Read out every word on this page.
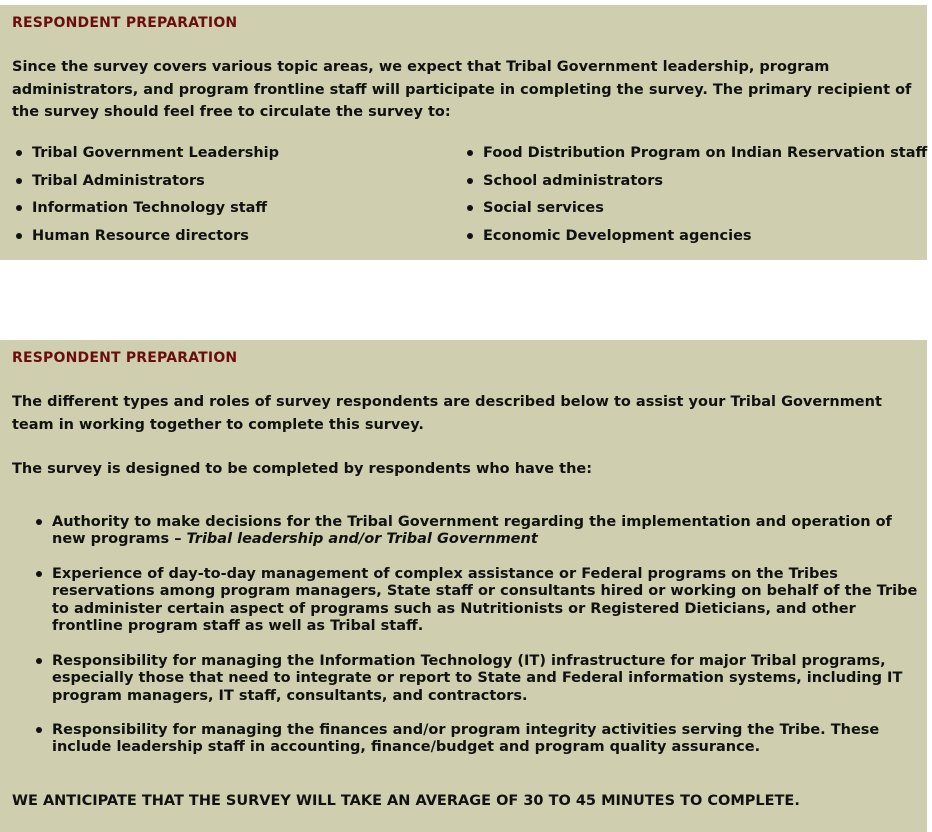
RESPONDENT PREPARATION
Since the survey covers various topic areas, we expect that Tribal Government leadership, program administrators, and program frontline staff will participate in completing the survey. The primary recipient of the survey should feel free to circulate the survey to:
Tribal Government Leadership
Tribal Administrators
Information Technology staff
Human Resource directors
Food Distribution Program on Indian Reservation staff
School administrators
Social services
Economic Development agencies
RESPONDENT PREPARATION
The different types and roles of survey respondents are described below to assist your Tribal Government team in working together to complete this survey.
The survey is designed to be completed by respondents who have the:
Authority to make decisions for the Tribal Government regarding the implementation and operation of new programs – Tribal leadership and/or Tribal Government
Experience of day-to-day management of complex assistance or Federal programs on the Tribes reservations among program managers, State staff or consultants hired or working on behalf of the Tribe to administer certain aspect of programs such as Nutritionists or Registered Dieticians, and other frontline program staff as well as Tribal staff.
Responsibility for managing the Information Technology (IT) infrastructure for major Tribal programs, especially those that need to integrate or report to State and Federal information systems, including IT program managers, IT staff, consultants, and contractors.
Responsibility for managing the finances and/or program integrity activities serving the Tribe. These include leadership staff in accounting, finance/budget and program quality assurance.
WE ANTICIPATE THAT THE SURVEY WILL TAKE AN AVERAGE OF 30 TO 45 MINUTES TO COMPLETE.
